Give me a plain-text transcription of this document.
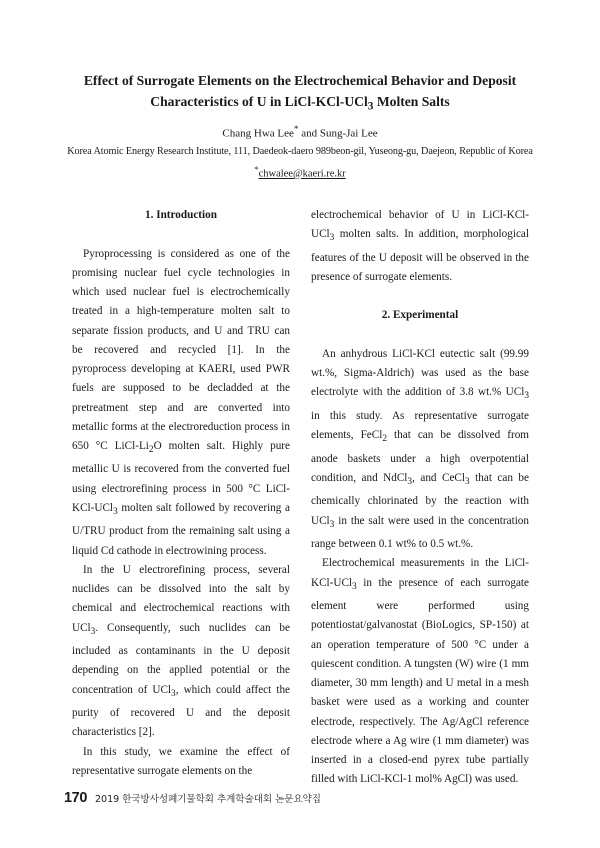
Effect of Surrogate Elements on the Electrochemical Behavior and Deposit
Characteristics of U in LiCl-KCl-UCl$_3$ Molten Salts
Chang Hwa Lee* and Sung-Jai Lee
Korea Atomic Energy Research Institute, 111, Daedeok-daero 989beon-gil, Yuseong-gu, Daejeon, Republic of Korea
*chwalee@kaeri.re.kr

1. Introduction

Pyroprocessing is considered as one of the promising nuclear fuel cycle technologies in which used nuclear fuel is electrochemically treated in a high-temperature molten salt to separate fission products, and U and TRU can be recovered and recycled [1]. In the pyroprocess developing at KAERI, used PWR fuels are supposed to be decladded at the pretreatment step and are converted into metallic forms at the electroreduction process in 650 °C LiCl-$Li_2O$ molten salt. Highly pure metallic U is recovered from the converted fuel using electrorefining process in 500 °C LiCl-KCl-UCl$_3$ molten salt followed by recovering a U/TRU product from the remaining salt using a liquid Cd cathode in electrowining process.

In the U electrorefining process, several nuclides can be dissolved into the salt by chemical and electrochemical reactions with UCl$_3$. Consequently, such nuclides can be included as contaminants in the U deposit depending on the applied potential or the concentration of UCl$_3$, which could affect the purity of recovered U and the deposit characteristics [2].

In this study, we examine the effect of representative surrogate elements on the

electrochemical behavior of U in LiCl-KCl-UCl$_3$ molten salts. In addition, morphological features of the U deposit will be observed in the presence of surrogate elements.

2. Experimental

An anhydrous LiCl-KCl eutectic salt (99.99 wt.%, Sigma-Aldrich) was used as the base electrolyte with the addition of 3.8 wt.% UCl$_3$ in this study. As representative surrogate elements, FeCl$_2$ that can be dissolved from anode baskets under a high overpotential condition, and NdCl$_3$, and CeCl$_3$ that can be chemically chlorinated by the reaction with UCl$_3$ in the salt were used in the concentration range between 0.1 wt% to 0.5 wt.%.

Electrochemical measurements in the LiCl-KCl-UCl$_3$ in the presence of each surrogate element were performed using potentiostat/galvanostat (BioLogics, SP-150) at an operation temperature of 500 °C under a quiescent condition. A tungsten (W) wire (1 mm diameter, 30 mm length) and U metal in a mesh basket were used as a working and counter electrode, respectively. The Ag/AgCl reference electrode where a Ag wire (1 mm diameter) was inserted in a closed-end pyrex tube partially filled with LiCl-KCl-1 mol% AgCl) was used.

170 2019 한국방사성폐기물학회 추계학술대회 논문요약집
